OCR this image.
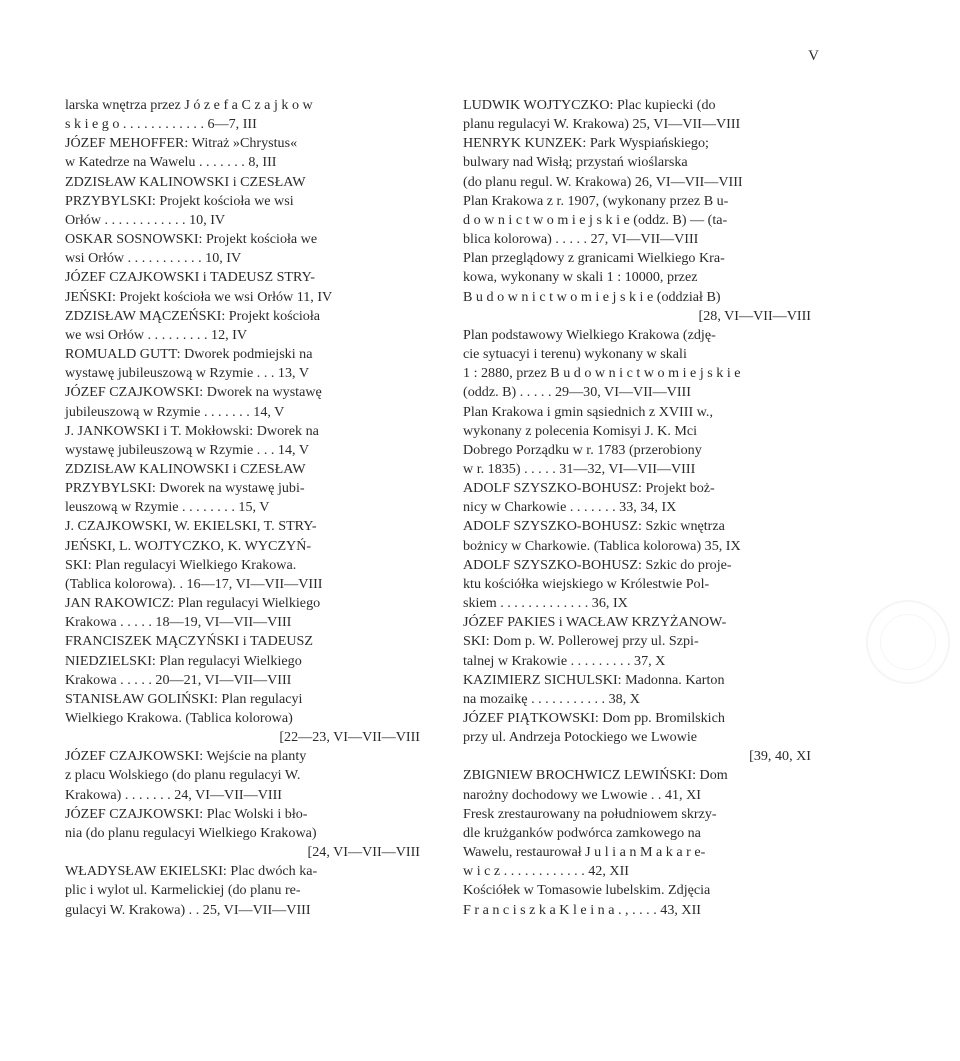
V

larska wnętrza przez J ó z e f a C z a j k o w
s k i e g o . . . . . . . . . . . . 6—7, III

JÓZEF MEHOFFER: Witraż »Chrystus«
w Katedrze na Wawelu . . . . . . . 8, III

ZDZISŁAW KALINOWSKI i CZESŁAW
PRZYBYLSKI: Projekt kościoła we wsi
Orłów . . . . . . . . . . . . 10, IV

OSKAR SOSNOWSKI: Projekt kościoła we
wsi Orłów . . . . . . . . . . . 10, IV

JÓZEF CZAJKOWSKI i TADEUSZ STRY-
JEŃSKI: Projekt kościoła we wsi Orłów 11, IV

ZDZISŁAW MĄCZEŃSKI: Projekt kościoła
we wsi Orłów . . . . . . . . . 12, IV

ROMUALD GUTT: Dworek podmiejski na
wystawę jubileuszową w Rzymie . . . 13, V

JÓZEF CZAJKOWSKI: Dworek na wystawę
jubileuszową w Rzymie . . . . . . . 14, V

J. JANKOWSKI i T. Mokłowski: Dworek na
wystawę jubileuszową w Rzymie . . . 14, V

ZDZISŁAW KALINOWSKI i CZESŁAW
PRZYBYLSKI: Dworek na wystawę jubi-
leuszową w Rzymie . . . . . . . . 15, V

J. CZAJKOWSKI, W. EKIELSKI, T. STRY-
JEŃSKI, L. WOJTYCZKO, K. WYCZYŃ-
SKI: Plan regulacyi Wielkiego Krakowa.
(Tablica kolorowa). . 16—17, VI—VII—VIII

JAN RAKOWICZ: Plan regulacyi Wielkiego
Krakowa . . . . . 18—19, VI—VII—VIII

FRANCISZEK MĄCZYŃSKI i TADEUSZ
NIEDZIELSKI: Plan regulacyi Wielkiego
Krakowa . . . . . 20—21, VI—VII—VIII

STANISŁAW GOLIŃSKI: Plan regulacyi
Wielkiego Krakowa. (Tablica kolorowa)
[22—23, VI—VII—VIII

JÓZEF CZAJKOWSKI: Wejście na planty
z placu Wolskiego (do planu regulacyi W.
Krakowa) . . . . . . . 24, VI—VII—VIII

JÓZEF CZAJKOWSKI: Plac Wolski i bło-
nia (do planu regulacyi Wielkiego Krakowa)
[24, VI—VII—VIII

WŁADYSŁAW EKIELSKI: Plac dwóch ka-
plic i wylot ul. Karmelickiej (do planu re-
gulacyi W. Krakowa) . . 25, VI—VII—VIII

LUDWIK WOJTYCZKO: Plac kupiecki (do
planu regulacyi W. Krakowa) 25, VI—VII—VIII

HENRYK KUNZEK: Park Wyspiańskiego;
bulwary nad Wisłą; przystań wioślarska
(do planu regul. W. Krakowa) 26, VI—VII—VIII

Plan Krakowa z r. 1907, (wykonany przez B u-
d o w n i c t w o m i e j s k i e (oddz. B) — (ta-
blica kolorowa) . . . . . 27, VI—VII—VIII

Plan przeglądowy z granicami Wielkiego Kra-
kowa, wykonany w skali 1 : 10000, przez
B u d o w n i c t w o m i e j s k i e (oddział B)
[28, VI—VII—VIII

Plan podstawowy Wielkiego Krakowa (zdję-
cie sytuacyi i terenu) wykonany w skali
1 : 2880, przez B u d o w n i c t w o m i e j s k i e
(oddz. B) . . . . . 29—30, VI—VII—VIII

Plan Krakowa i gmin sąsiednich z XVIII w.,
wykonany z polecenia Komisyi J. K. Mci
Dobrego Porządku w r. 1783 (przerobiony
w r. 1835) . . . . . 31—32, VI—VII—VIII

ADOLF SZYSZKO-BOHUSZ: Projekt boż-
nicy w Charkowie . . . . . . . 33, 34, IX

ADOLF SZYSZKO-BOHUSZ: Szkic wnętrza
bożnicy w Charkowie. (Tablica kolorowa) 35, IX

ADOLF SZYSZKO-BOHUSZ: Szkic do proje-
ktu kościółka wiejskiego w Królestwie Pol-
skiem . . . . . . . . . . . . . 36, IX

JÓZEF PAKIES i WACŁAW KRZYŻANOW-
SKI: Dom p. W. Pollerowej przy ul. Szpi-
talnej w Krakowie . . . . . . . . . 37, X

KAZIMIERZ SICHULSKI: Madonna. Karton
na mozaikę . . . . . . . . . . . 38, X

JÓZEF PIĄTKOWSKI: Dom pp. Bromilskich
przy ul. Andrzeja Potockiego we Lwowie
[39, 40, XI

ZBIGNIEW BROCHWICZ LEWIŃSKI: Dom
narożny dochodowy we Lwowie . . 41, XI

Fresk zrestaurowany na południowem skrzy-
dle krużganków podwórca zamkowego na
Wawelu, restaurował J u l i a n M a k a r e-
w i c z . . . . . . . . . . . . 42, XII

Kościółek w Tomasowie lubelskim. Zdjęcia
F r a n c i s z k a K l e i n a . , . . . . 43, XII
